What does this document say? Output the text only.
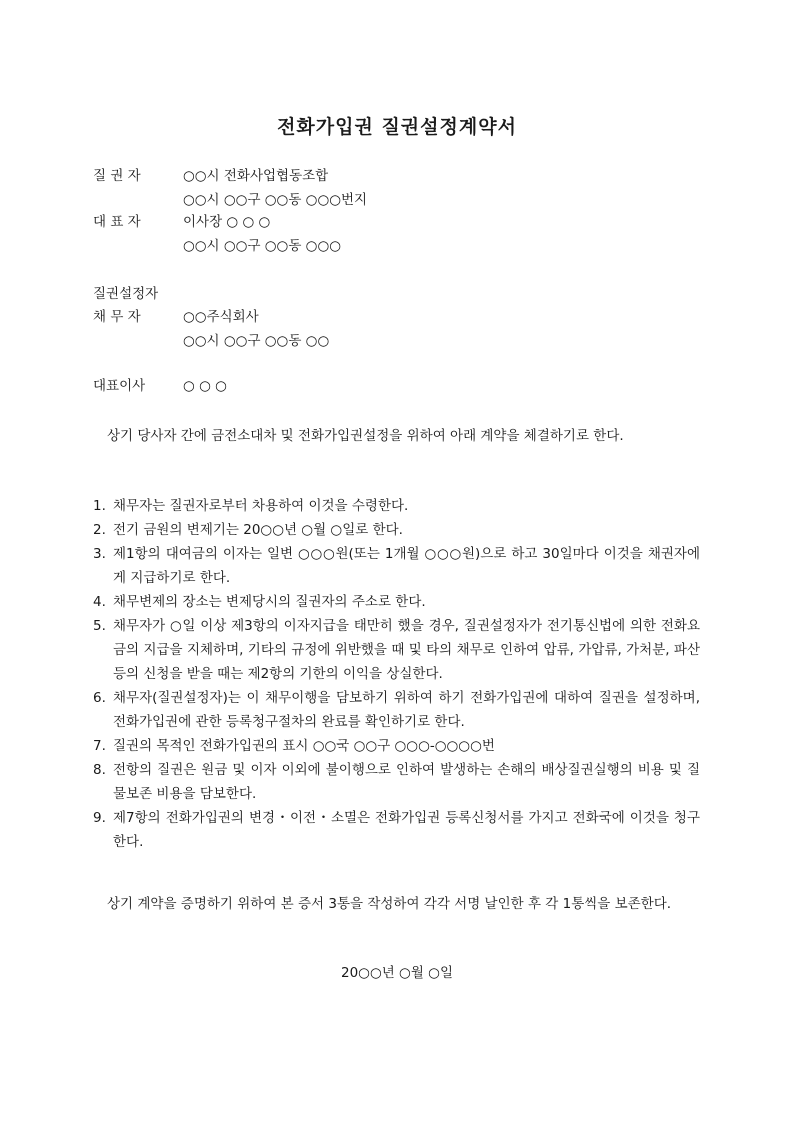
전화가입권 질권설정계약서
질 권 자	○○시 전화사업협동조합
○○시 ○○구 ○○동 ○○○번지
대 표 자	이사장 ○ ○ ○
○○시 ○○구 ○○동 ○○○
질권설정자
채 무 자	○○주식회사
○○시 ○○구 ○○동 ○○
대표이사	○ ○ ○
상기 당사자 간에 금전소대차 및 전화가입권설정을 위하여 아래 계약을 체결하기로 한다.
1. 채무자는 질권자로부터 차용하여 이것을 수령한다.
2. 전기 금원의 변제기는 20○○년 ○월 ○일로 한다.
3. 제1항의 대여금의 이자는 일변 ○○○원(또는 1개월 ○○○원)으로 하고 30일마다 이것을 채권자에게 지급하기로 한다.
4. 채무변제의 장소는 변제당시의 질권자의 주소로 한다.
5. 채무자가 ○일 이상 제3항의 이자지급을 태만히 했을 경우, 질권설정자가 전기통신법에 의한 전화요금의 지급을 지체하며, 기타의 규정에 위반했을 때 및 타의 채무로 인하여 압류, 가압류, 가처분, 파산 등의 신청을 받을 때는 제2항의 기한의 이익을 상실한다.
6. 채무자(질권설정자)는 이 채무이행을 담보하기 위하여 하기 전화가입권에 대하여 질권을 설정하며, 전화가입권에 관한 등록청구절차의 완료를 확인하기로 한다.
7. 질권의 목적인 전화가입권의 표시 ○○국 ○○구 ○○○-○○○○번
8. 전항의 질권은 원금 및 이자 이외에 불이행으로 인하여 발생하는 손해의 배상질권실행의 비용 및 질물보존 비용을 담보한다.
9. 제7항의 전화가입권의 변경・이전・소멸은 전화가입권 등록신청서를 가지고 전화국에 이것을 청구한다.
상기 계약을 증명하기 위하여 본 증서 3통을 작성하여 각각 서명 날인한 후 각 1통씩을 보존한다.
20○○년 ○월 ○일
